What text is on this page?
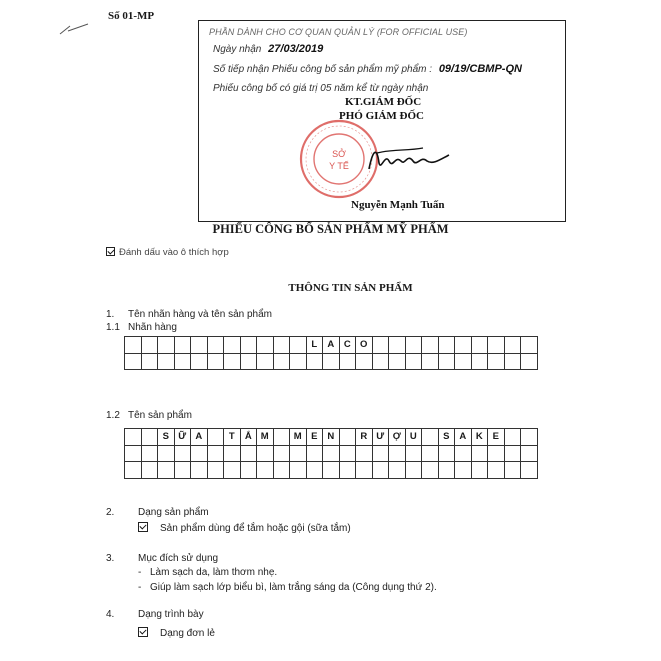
Số 01-MP
PHẦN DÀNH CHO CƠ QUAN QUẢN LÝ (FOR OFFICIAL USE)
Ngày nhận 27/03/2019
Số tiếp nhận Phiếu công bố sản phẩm mỹ phẩm : 09/19/CBMP-QN
Phiếu công bố có giá trị 05 năm kể từ ngày nhận
KT.GIÁM ĐỐC
PHÓ GIÁM ĐỐC
SỞ
Y TẾ
Nguyễn Mạnh Tuấn
PHIẾU CÔNG BỐ SẢN PHẨM MỸ PHẨM
Đánh dấu vào ô thích hợp
THÔNG TIN SẢN PHẨM
1. Tên nhãn hàng và tên sản phẩm
1.1 Nhãn hàng
											L	A	C	O										

1.2 Tên sản phẩm
		S	Ữ	A		T	Ắ	M		M	E	N		R	Ư	Ợ	U		S	A	K	E		

2. Dạng sản phẩm
Sản phẩm dùng để tắm hoặc gội (sữa tắm)
3. Mục đích sử dụng
- Làm sạch da, làm thơm nhẹ.
- Giúp làm sạch lớp biểu bì, làm trắng sáng da (Công dụng thứ 2).
4. Dạng trình bày
Dạng đơn lẻ
